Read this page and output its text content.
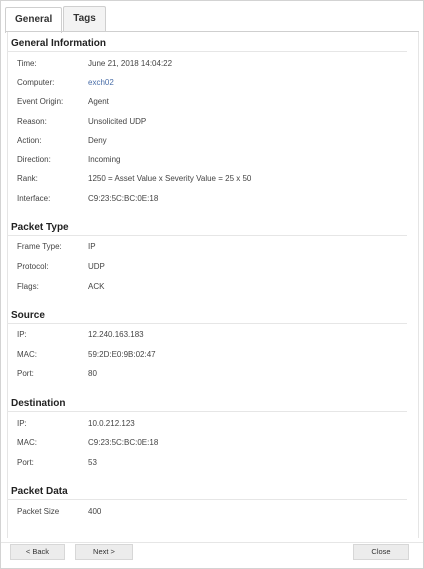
General	Tags
General Information
Time:	June 21, 2018 14:04:22
Computer:	exch02
Event Origin:	Agent
Reason:	Unsolicited UDP
Action:	Deny
Direction:	Incoming
Rank:	1250 = Asset Value x Severity Value = 25 x 50
Interface:	C9:23:5C:BC:0E:18
Packet Type
Frame Type:	IP
Protocol:	UDP
Flags:	ACK
Source
IP:	12.240.163.183
MAC:	59:2D:E0:9B:02:47
Port:	80
Destination
IP:	10.0.212.123
MAC:	C9:23:5C:BC:0E:18
Port:	53
Packet Data
Packet Size	400
< Back	Next >	Close
